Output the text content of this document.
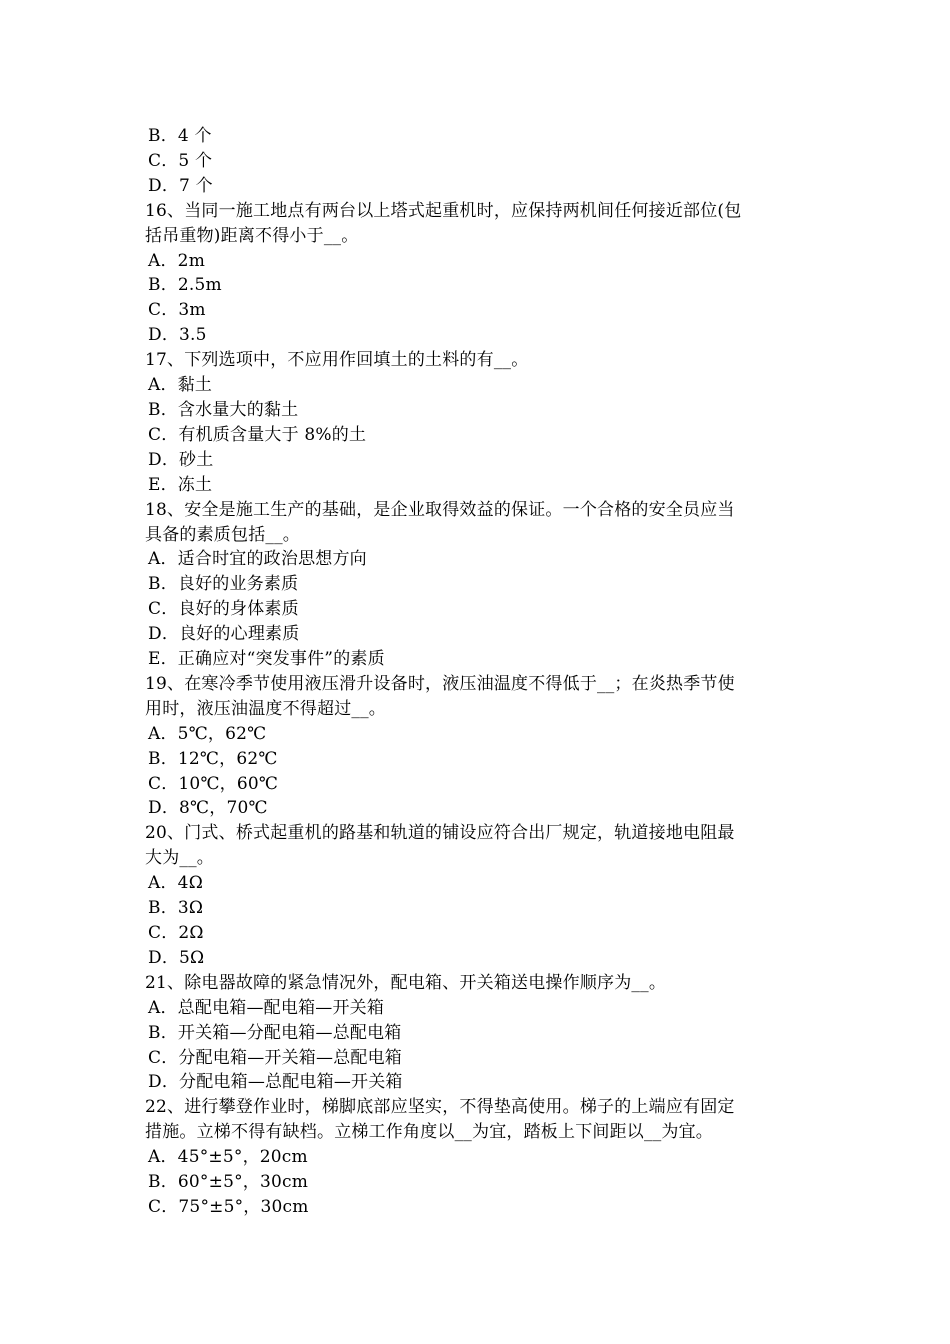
B．4 个
C．5 个
D．7 个
16、当同一施工地点有两台以上塔式起重机时，应保持两机间任何接近部位(包
括吊重物)距离不得小于__。
A．2m
B．2.5m
C．3m
D．3.5
17、下列选项中，不应用作回填土的土料的有__。
A．黏土
B．含水量大的黏土
C．有机质含量大于 8%的土
D．砂土
E．冻土
18、安全是施工生产的基础，是企业取得效益的保证。一个合格的安全员应当
具备的素质包括__。
A．适合时宜的政治思想方向
B．良好的业务素质
C．良好的身体素质
D．良好的心理素质
E．正确应对“突发事件”的素质
19、在寒冷季节使用液压滑升设备时，液压油温度不得低于__；在炎热季节使
用时，液压油温度不得超过__。
A．5℃，62℃
B．12℃，62℃
C．10℃，60℃
D．8℃，70℃
20、门式、桥式起重机的路基和轨道的铺设应符合出厂规定，轨道接地电阻最
大为__。
A．4Ω
B．3Ω
C．2Ω
D．5Ω
21、除电器故障的紧急情况外，配电箱、开关箱送电操作顺序为__。
A．总配电箱—配电箱—开关箱
B．开关箱—分配电箱—总配电箱
C．分配电箱—开关箱—总配电箱
D．分配电箱—总配电箱—开关箱
22、进行攀登作业时，梯脚底部应坚实，不得垫高使用。梯子的上端应有固定
措施。立梯不得有缺档。立梯工作角度以__为宜，踏板上下间距以__为宜。
A．45°±5°，20cm
B．60°±5°，30cm
C．75°±5°，30cm
